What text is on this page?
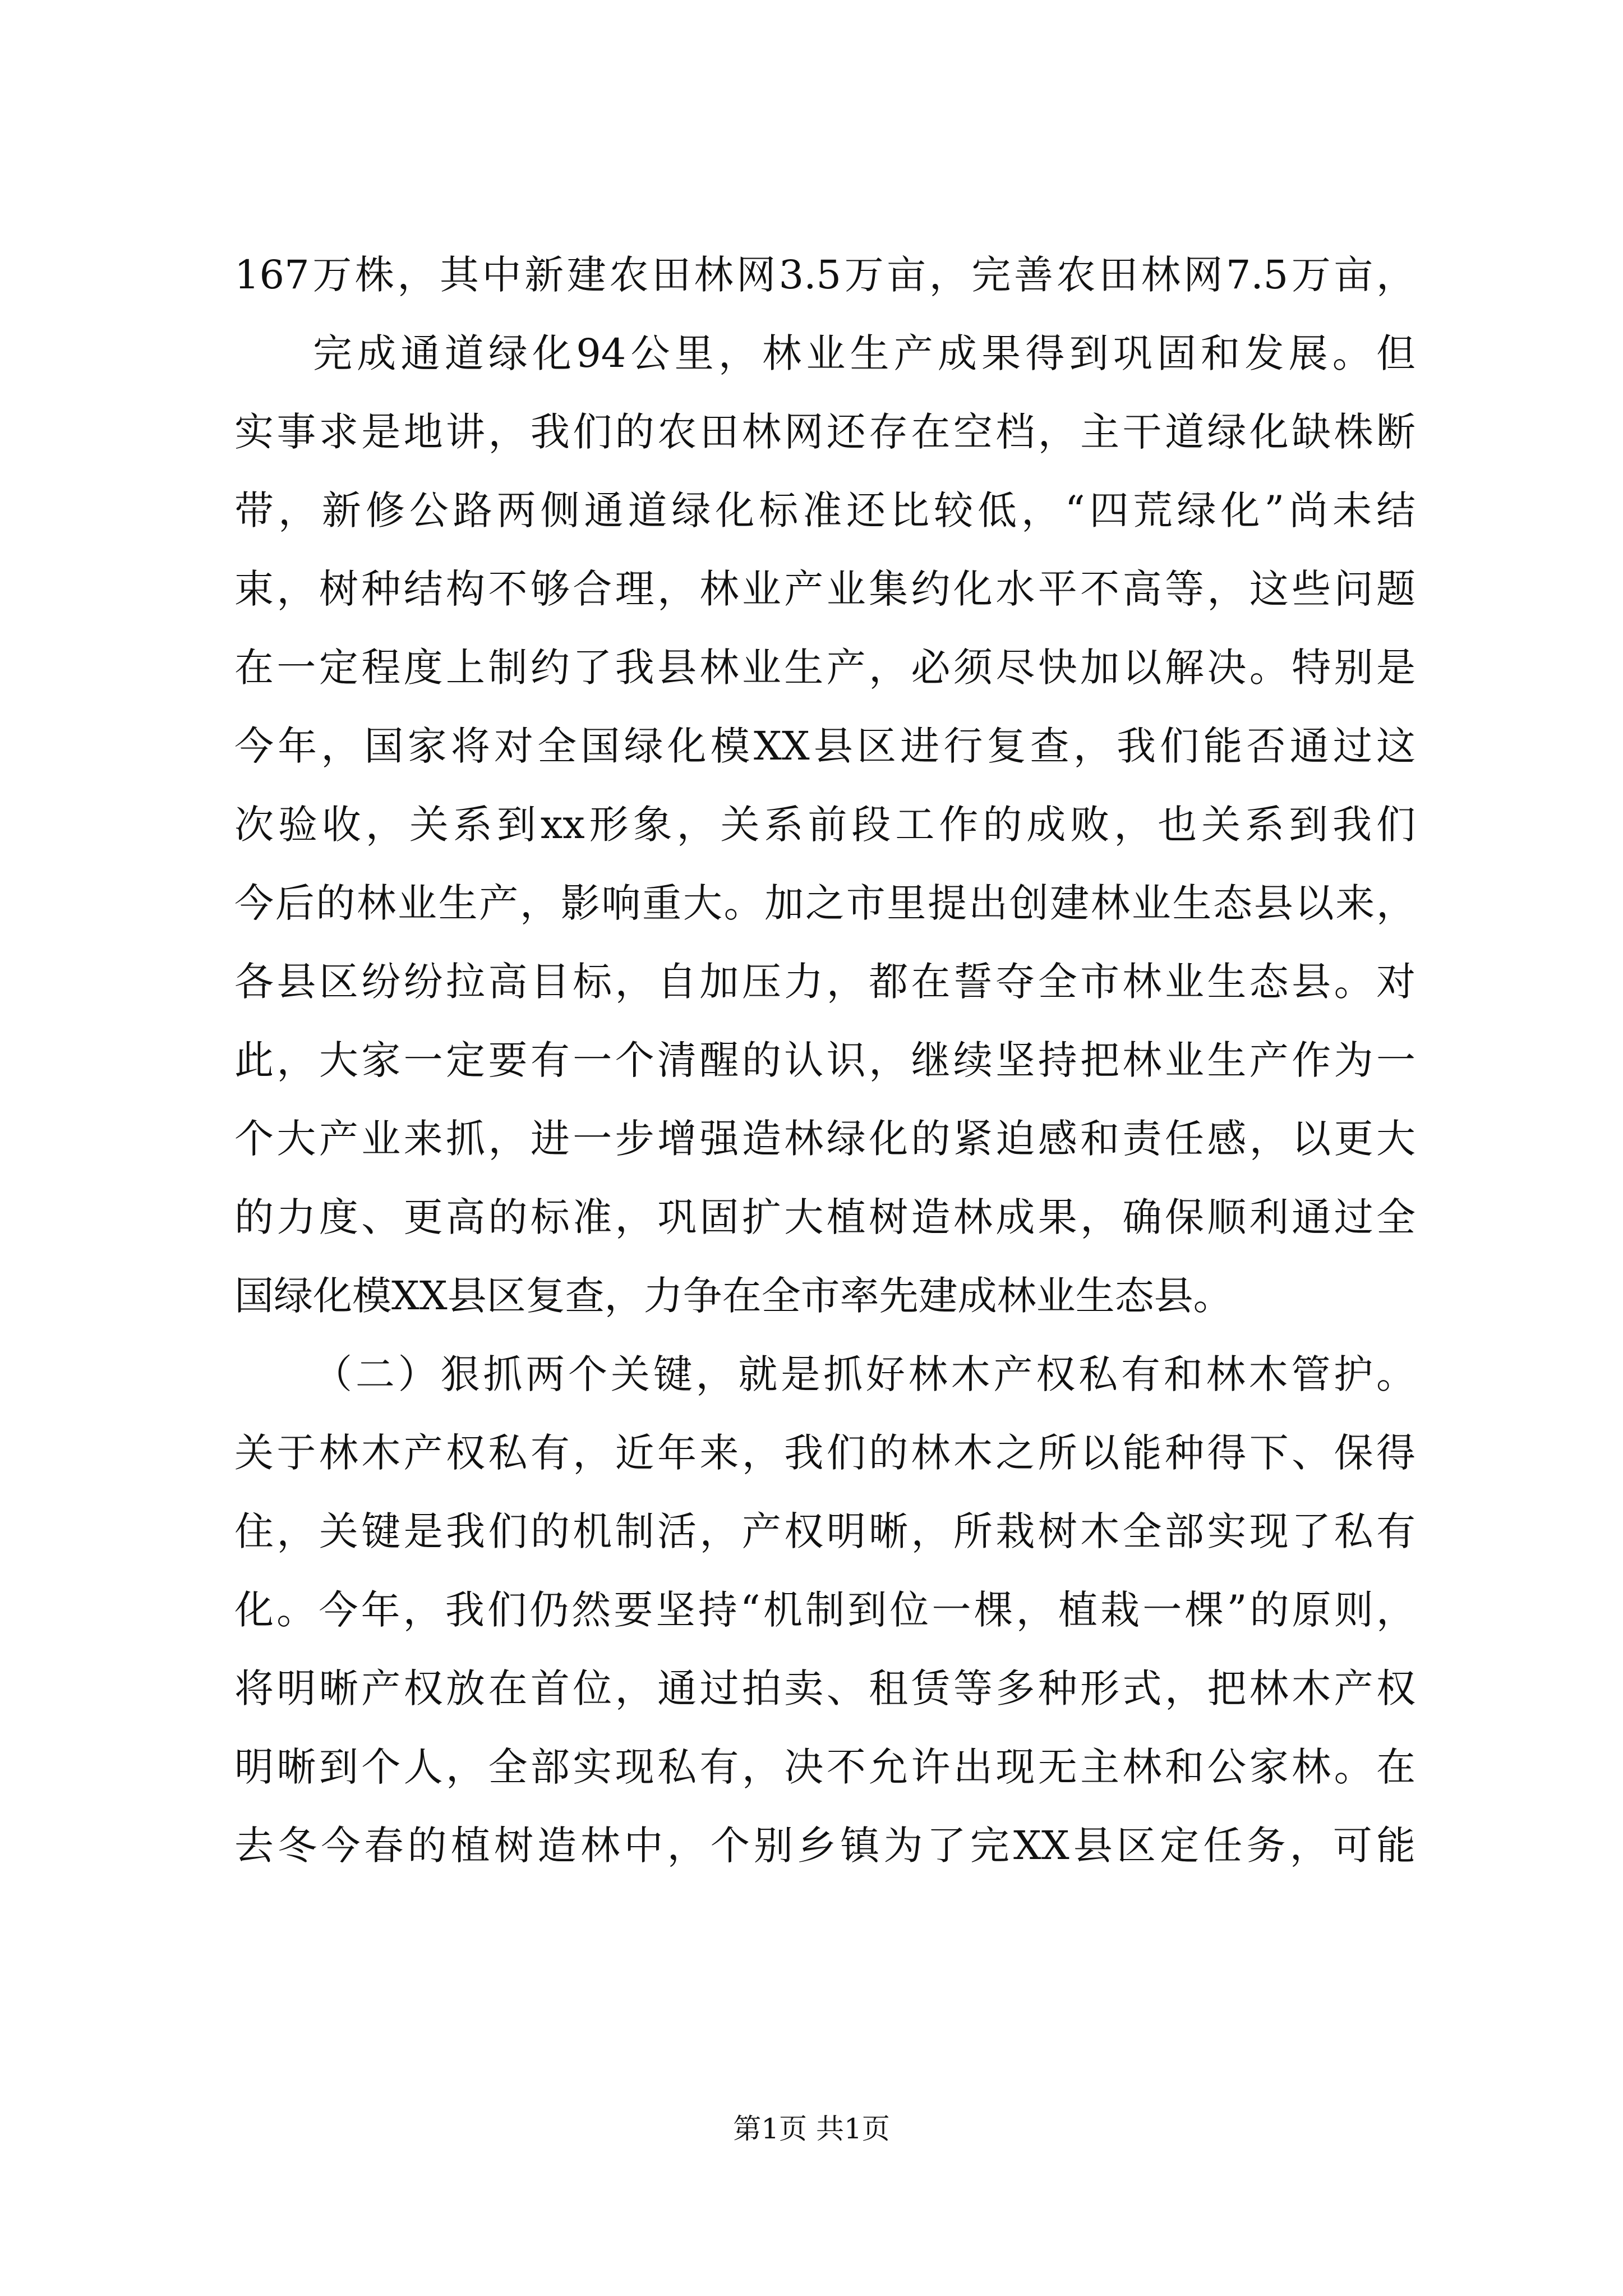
167万株，其中新建农田林网3.5万亩，完善农田林网7.5万亩，
完成通道绿化94公里，林业生产成果得到巩固和发展。但
实事求是地讲，我们的农田林网还存在空档，主干道绿化缺株断
带，新修公路两侧通道绿化标准还比较低，“四荒绿化”尚未结
束，树种结构不够合理，林业产业集约化水平不高等，这些问题
在一定程度上制约了我县林业生产，必须尽快加以解决。特别是
今年，国家将对全国绿化模XX县区进行复查，我们能否通过这
次验收，关系到xx形象，关系前段工作的成败，也关系到我们
今后的林业生产，影响重大。加之市里提出创建林业生态县以来，
各县区纷纷拉高目标，自加压力，都在誓夺全市林业生态县。对
此，大家一定要有一个清醒的认识，继续坚持把林业生产作为一
个大产业来抓，进一步增强造林绿化的紧迫感和责任感，以更大
的力度、更高的标准，巩固扩大植树造林成果，确保顺利通过全
国绿化模XX县区复查，力争在全市率先建成林业生态县。
（二）狠抓两个关键，就是抓好林木产权私有和林木管护。
关于林木产权私有，近年来，我们的林木之所以能种得下、保得
住，关键是我们的机制活，产权明晰，所栽树木全部实现了私有
化。今年，我们仍然要坚持“机制到位一棵，植栽一棵”的原则，
将明晰产权放在首位，通过拍卖、租赁等多种形式，把林木产权
明晰到个人，全部实现私有，决不允许出现无主林和公家林。在
去冬今春的植树造林中，个别乡镇为了完XX县区定任务，可能
第1页 共1页
